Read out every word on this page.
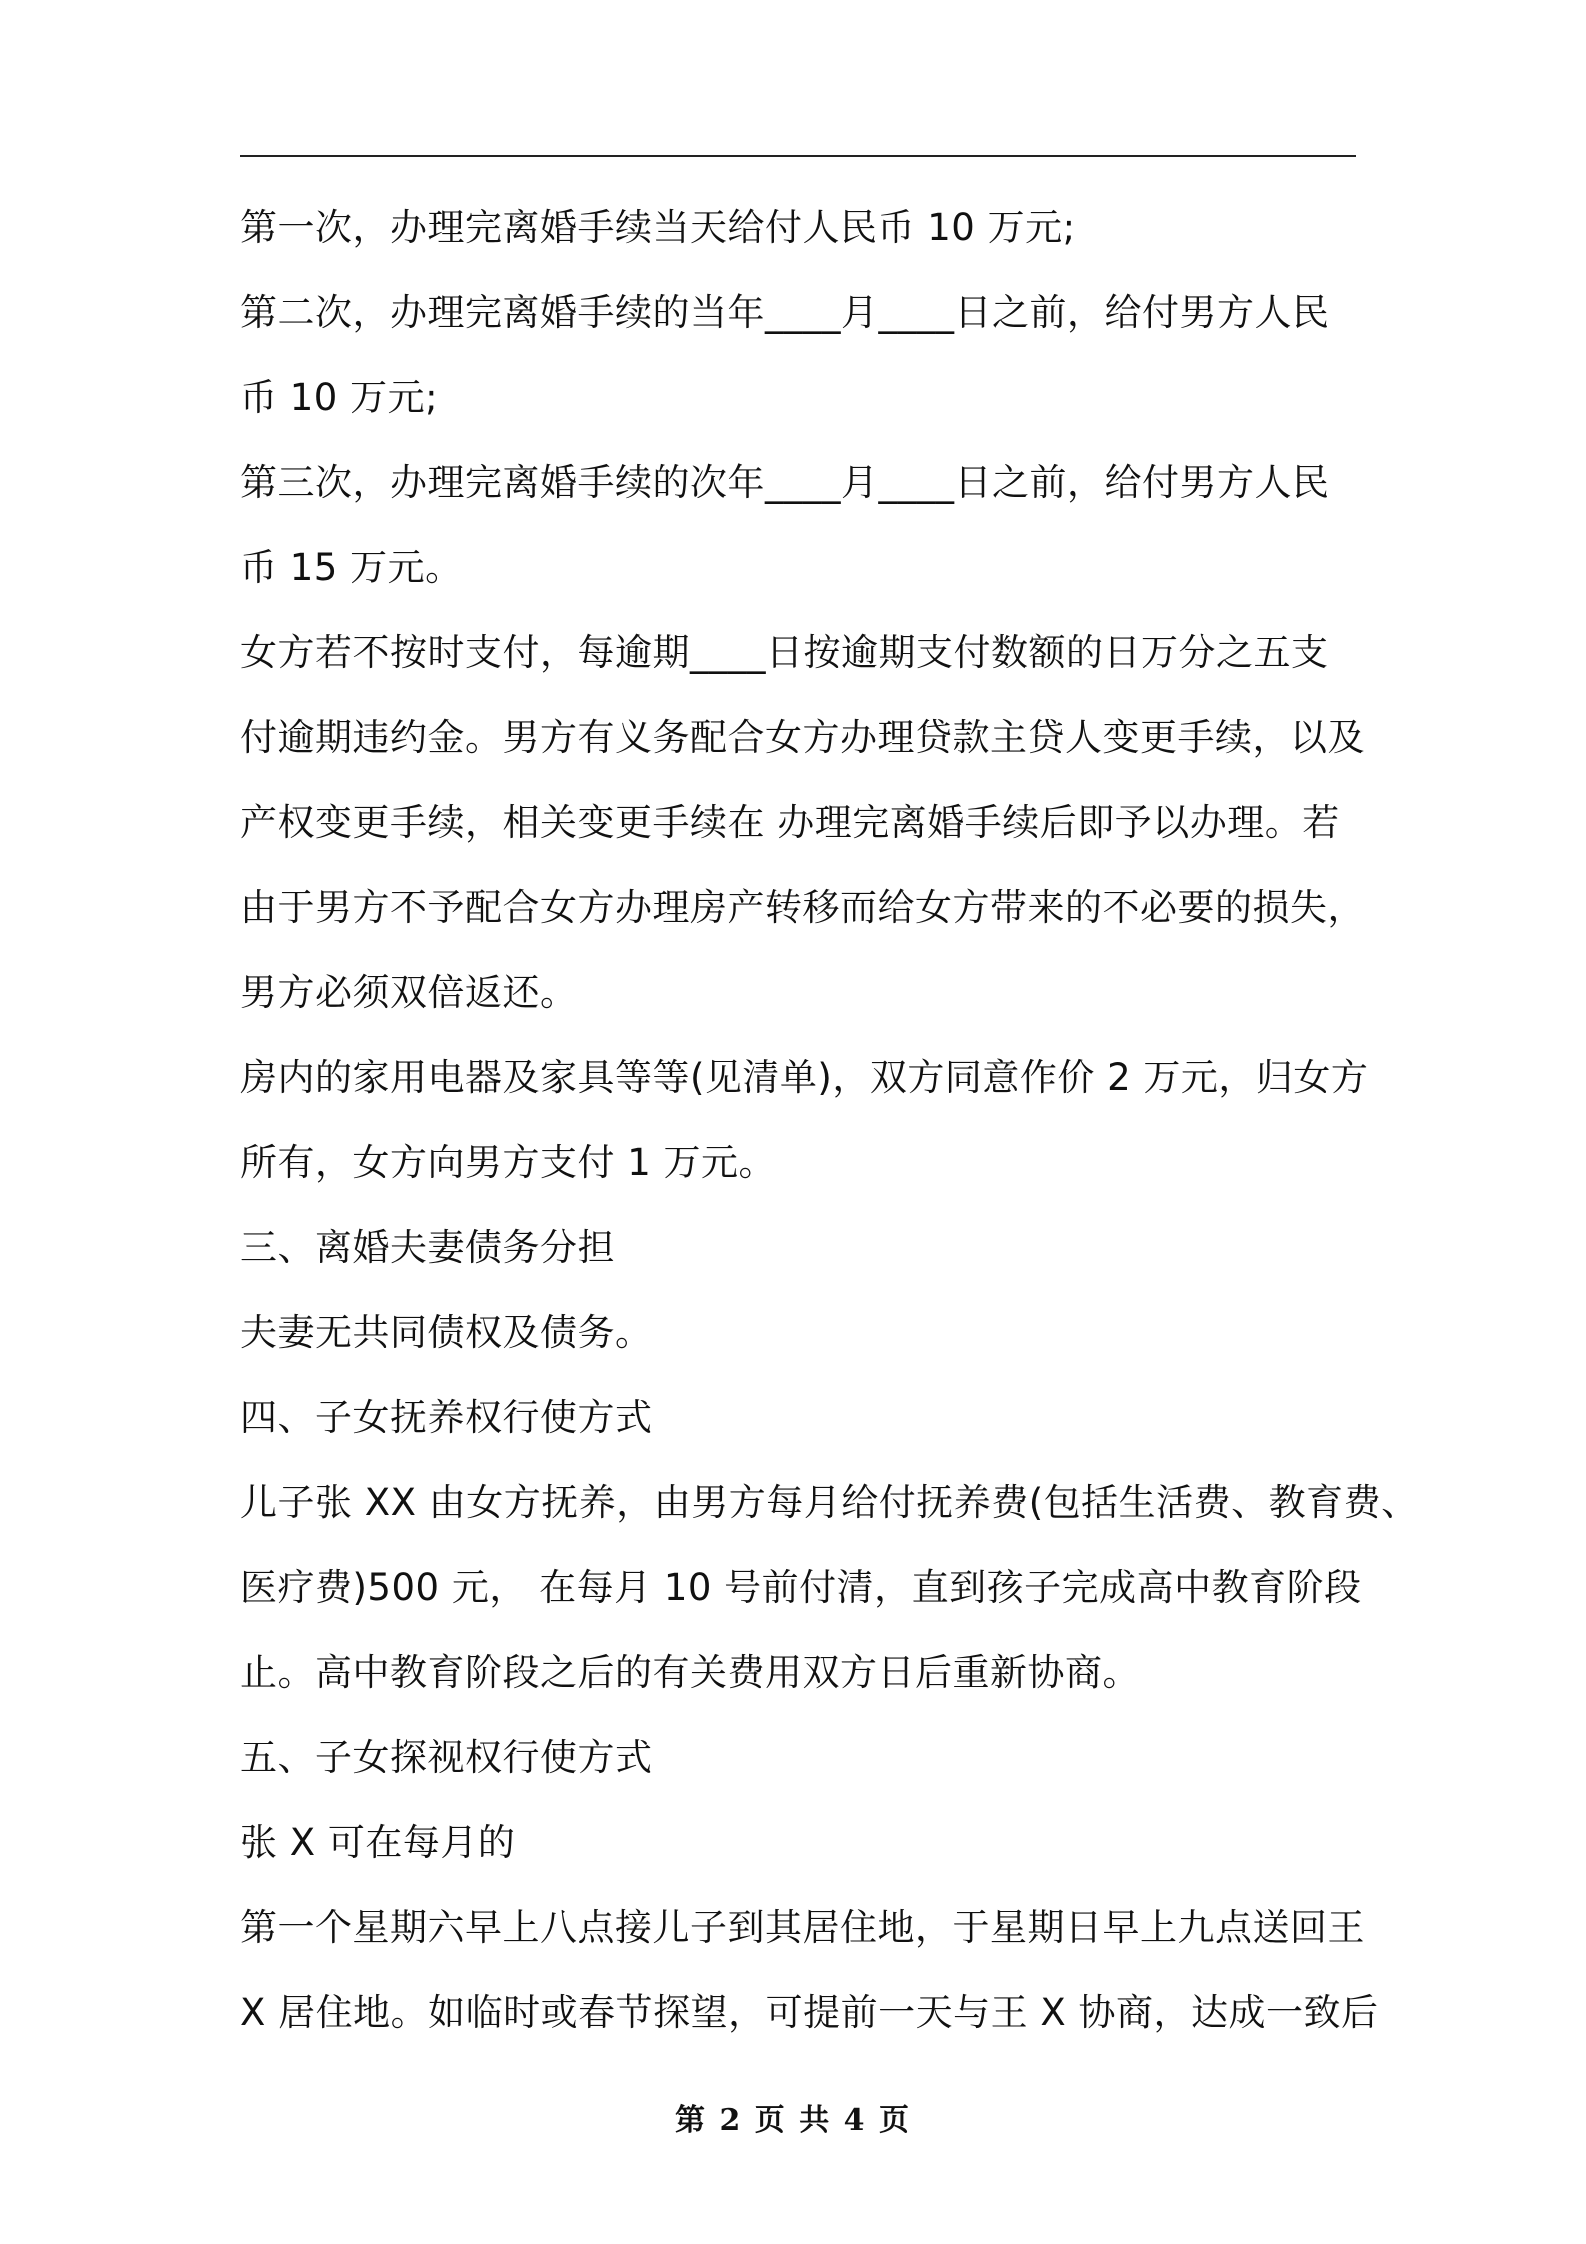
第一次，办理完离婚手续当天给付人民币 10 万元;

第二次，办理完离婚手续的当年____月____日之前，给付男方人民

币 10 万元;

第三次，办理完离婚手续的次年____月____日之前，给付男方人民

币 15 万元。

女方若不按时支付，每逾期____日按逾期支付数额的日万分之五支

付逾期违约金。男方有义务配合女方办理贷款主贷人变更手续，以及

产权变更手续，相关变更手续在 办理完离婚手续后即予以办理。若

由于男方不予配合女方办理房产转移而给女方带来的不必要的损失，

男方必须双倍返还。

房内的家用电器及家具等等(见清单)，双方同意作价 2 万元，归女方

所有，女方向男方支付 1 万元。

三、离婚夫妻债务分担

夫妻无共同债权及债务。

四、子女抚养权行使方式

儿子张 XX 由女方抚养，由男方每月给付抚养费(包括生活费、教育费、

医疗费)500 元， 在每月 10 号前付清，直到孩子完成高中教育阶段

止。高中教育阶段之后的有关费用双方日后重新协商。

五、子女探视权行使方式

张 X 可在每月的

第一个星期六早上八点接儿子到其居住地，于星期日早上九点送回王

X 居住地。如临时或春节探望，可提前一天与王 X 协商，达成一致后

第 2 页 共 4 页
